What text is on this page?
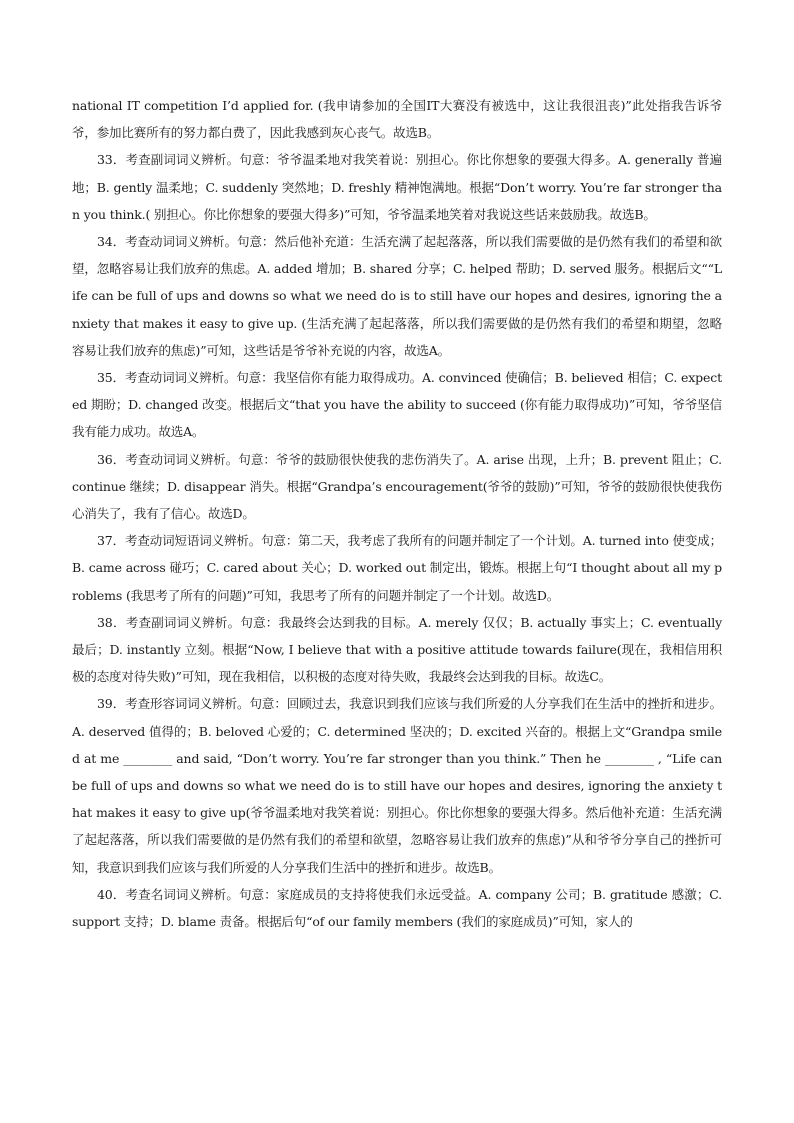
national IT competition I’d applied for. (我申请参加的全国IT大赛没有被选中，这让我很沮丧)”此处指我告诉爷爷，参加比赛所有的努力都白费了，因此我感到灰心丧气。故选B。

33．考查副词词义辨析。句意：爷爷温柔地对我笑着说：别担心。你比你想象的要强大得多。A. generally 普遍地；B. gently 温柔地；C. suddenly 突然地；D. freshly 精神饱满地。根据“Don’t worry. You’re far stronger than you think.( 别担心。你比你想象的要强大得多)”可知，爷爷温柔地笑着对我说这些话来鼓励我。故选B。

34．考查动词词义辨析。句意：然后他补充道：生活充满了起起落落，所以我们需要做的是仍然有我们的希望和欲望，忽略容易让我们放弃的焦虑。A. added 增加；B. shared 分享；C. helped 帮助；D. served 服务。根据后文““Life can be full of ups and downs so what we need do is to still have our hopes and desires, ignoring the anxiety that makes it easy to give up. (生活充满了起起落落，所以我们需要做的是仍然有我们的希望和期望，忽略容易让我们放弃的焦虑)”可知，这些话是爷爷补充说的内容，故选A。

35．考查动词词义辨析。句意：我坚信你有能力取得成功。A. convinced 使确信；B. believed 相信；C. expected 期盼；D. changed 改变。根据后文“that you have the ability to succeed (你有能力取得成功)”可知，爷爷坚信我有能力成功。故选A。

36．考查动词词义辨析。句意：爷爷的鼓励很快使我的悲伤消失了。A. arise 出现，上升；B. prevent 阻止；C. continue 继续；D. disappear 消失。根据“Grandpa’s encouragement(爷爷的鼓励)”可知，爷爷的鼓励很快使我伤心消失了，我有了信心。故选D。

37．考查动词短语词义辨析。句意：第二天，我考虑了我所有的问题并制定了一个计划。A. turned into 使变成；B. came across 碰巧；C. cared about 关心；D. worked out 制定出，锻炼。根据上句“I thought about all my problems (我思考了所有的问题)”可知，我思考了所有的问题并制定了一个计划。故选D。

38．考查副词词义辨析。句意：我最终会达到我的目标。A. merely 仅仅；B. actually 事实上；C. eventually 最后；D. instantly 立刻。根据“Now, I believe that with a positive attitude towards failure(现在，我相信用积极的态度对待失败)”可知，现在我相信，以积极的态度对待失败，我最终会达到我的目标。故选C。

39．考查形容词词义辨析。句意：回顾过去，我意识到我们应该与我们所爱的人分享我们在生活中的挫折和进步。A. deserved 值得的；B. beloved 心爱的；C. determined 坚决的；D. excited 兴奋的。根据上文“Grandpa smiled at me ________ and said, “Don’t worry. You’re far stronger than you think.” Then he ________ , “Life can be full of ups and downs so what we need do is to still have our hopes and desires, ignoring the anxiety that makes it easy to give up(爷爷温柔地对我笑着说：别担心。你比你想象的要强大得多。然后他补充道：生活充满了起起落落，所以我们需要做的是仍然有我们的希望和欲望，忽略容易让我们放弃的焦虑)”从和爷爷分享自己的挫折可知，我意识到我们应该与我们所爱的人分享我们生活中的挫折和进步。故选B。

40．考查名词词义辨析。句意：家庭成员的支持将使我们永远受益。A. company 公司；B. gratitude 感激；C. support 支持；D. blame 责备。根据后句“of our family members (我们的家庭成员)”可知，家人的
